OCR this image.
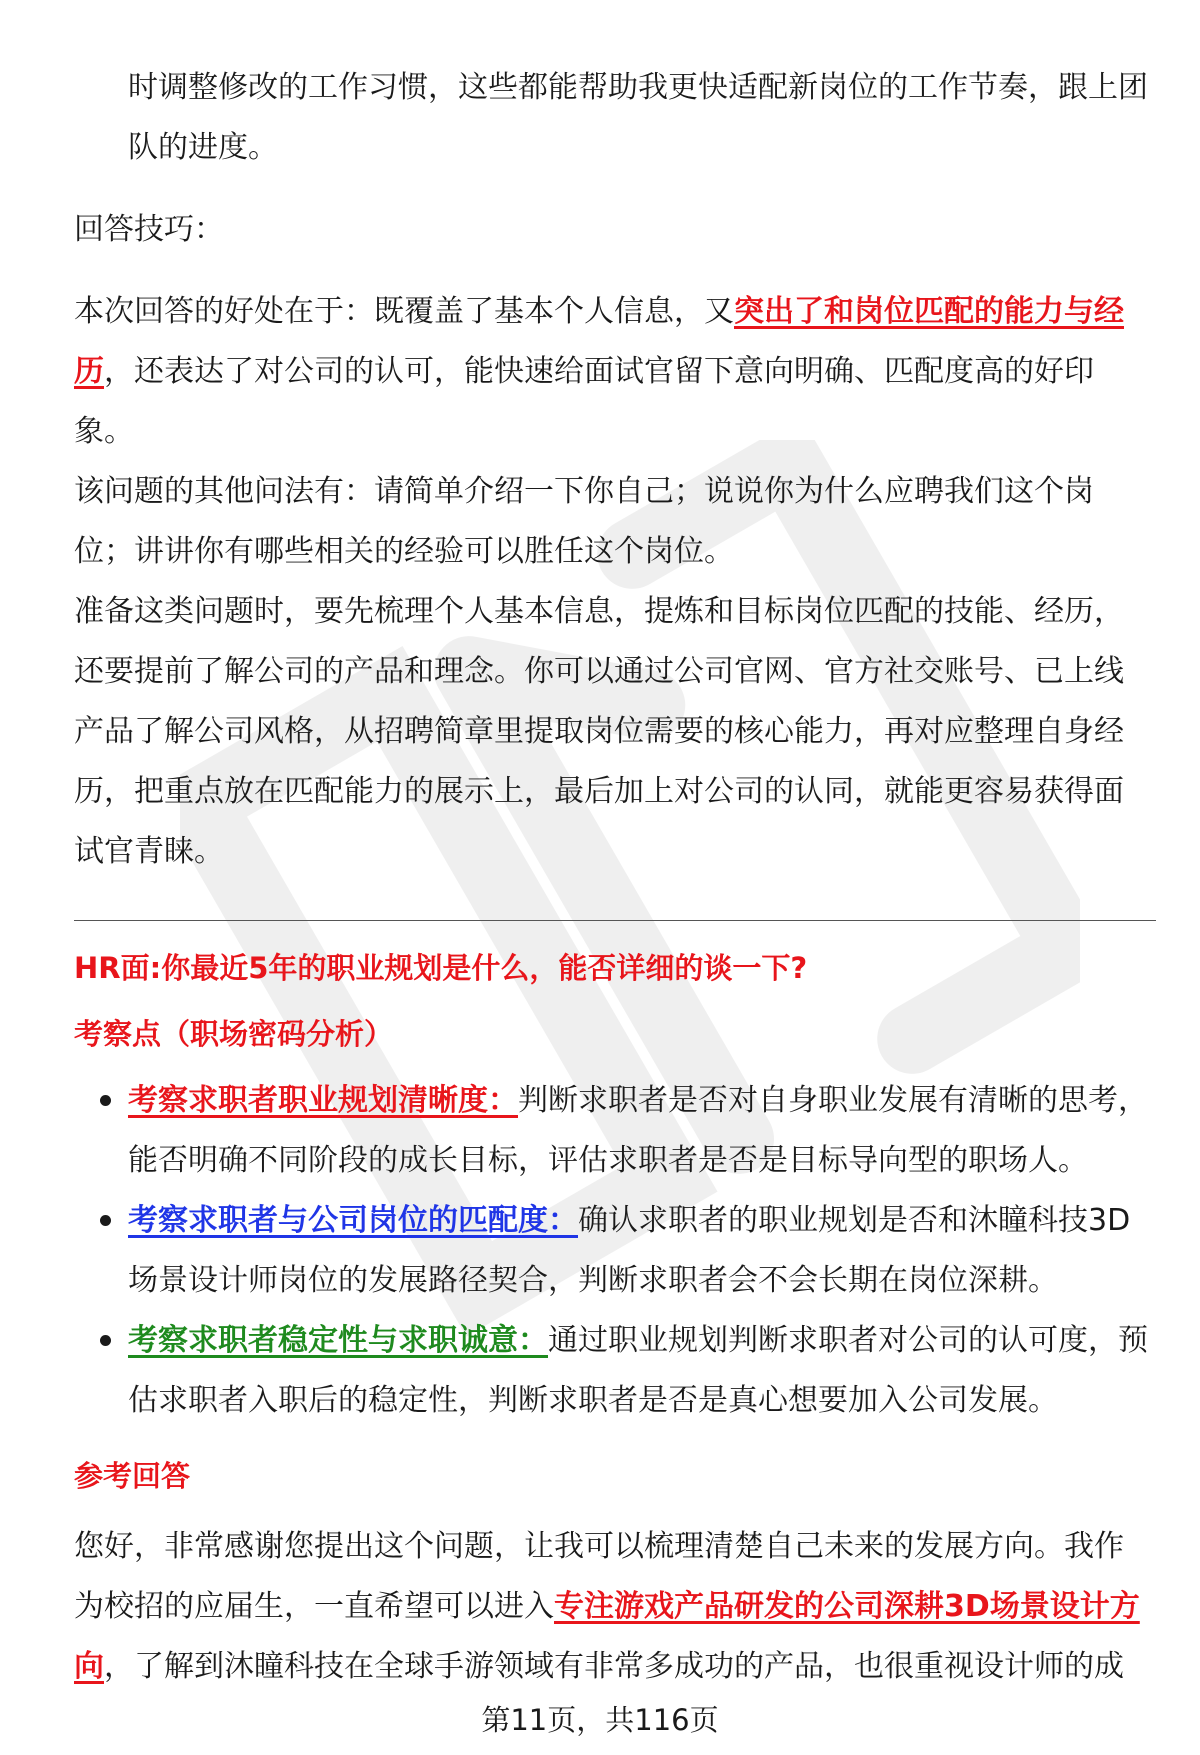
时调整修改的工作习惯，这些都能帮助我更快适配新岗位的工作节奏，跟上团

队的进度。

回答技巧：

本次回答的好处在于：既覆盖了基本个人信息，又突出了和岗位匹配的能力与经历，还表达了对公司的认可，能快速给面试官留下意向明确、匹配度高的好印象。

该问题的其他问法有：请简单介绍一下你自己；说说你为什么应聘我们这个岗位；讲讲你有哪些相关的经验可以胜任这个岗位。

准备这类问题时，要先梳理个人基本信息，提炼和目标岗位匹配的技能、经历，还要提前了解公司的产品和理念。你可以通过公司官网、官方社交账号、已上线产品了解公司风格，从招聘简章里提取岗位需要的核心能力，再对应整理自身经历，把重点放在匹配能力的展示上，最后加上对公司的认同，就能更容易获得面试官青睐。

HR面:你最近5年的职业规划是什么，能否详细的谈一下?

考察点（职场密码分析）

考察求职者职业规划清晰度：判断求职者是否对自身职业发展有清晰的思考，能否明确不同阶段的成长目标，评估求职者是否是目标导向型的职场人。
考察求职者与公司岗位的匹配度：确认求职者的职业规划是否和沐瞳科技3D场景设计师岗位的发展路径契合，判断求职者会不会长期在岗位深耕。
考察求职者稳定性与求职诚意：通过职业规划判断求职者对公司的认可度，预估求职者入职后的稳定性，判断求职者是否是真心想要加入公司发展。

参考回答

您好，非常感谢您提出这个问题，让我可以梳理清楚自己未来的发展方向。我作为校招的应届生，一直希望可以进入专注游戏产品研发的公司深耕3D场景设计方向，了解到沐瞳科技在全球手游领域有非常多成功的产品，也很重视设计师的成

第11页，共116页
